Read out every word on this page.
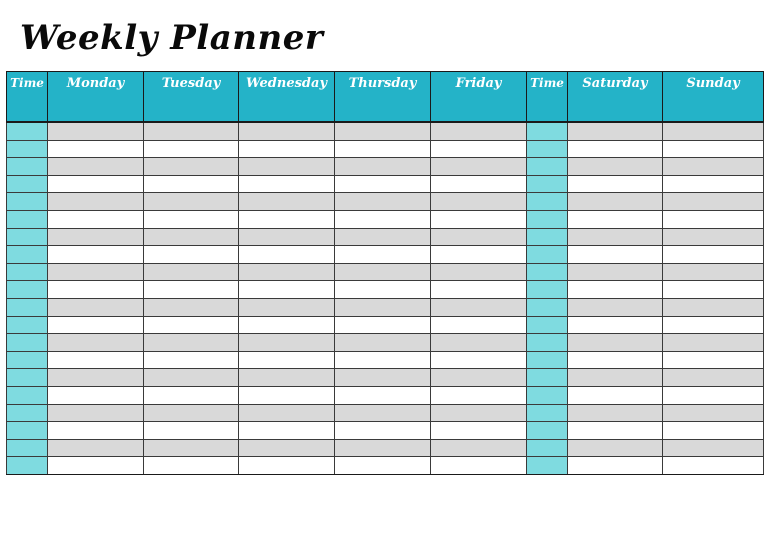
Weekly Planner
Time	Monday	Tuesday	Wednesday	Thursday	Friday	Time	Saturday	Sunday
